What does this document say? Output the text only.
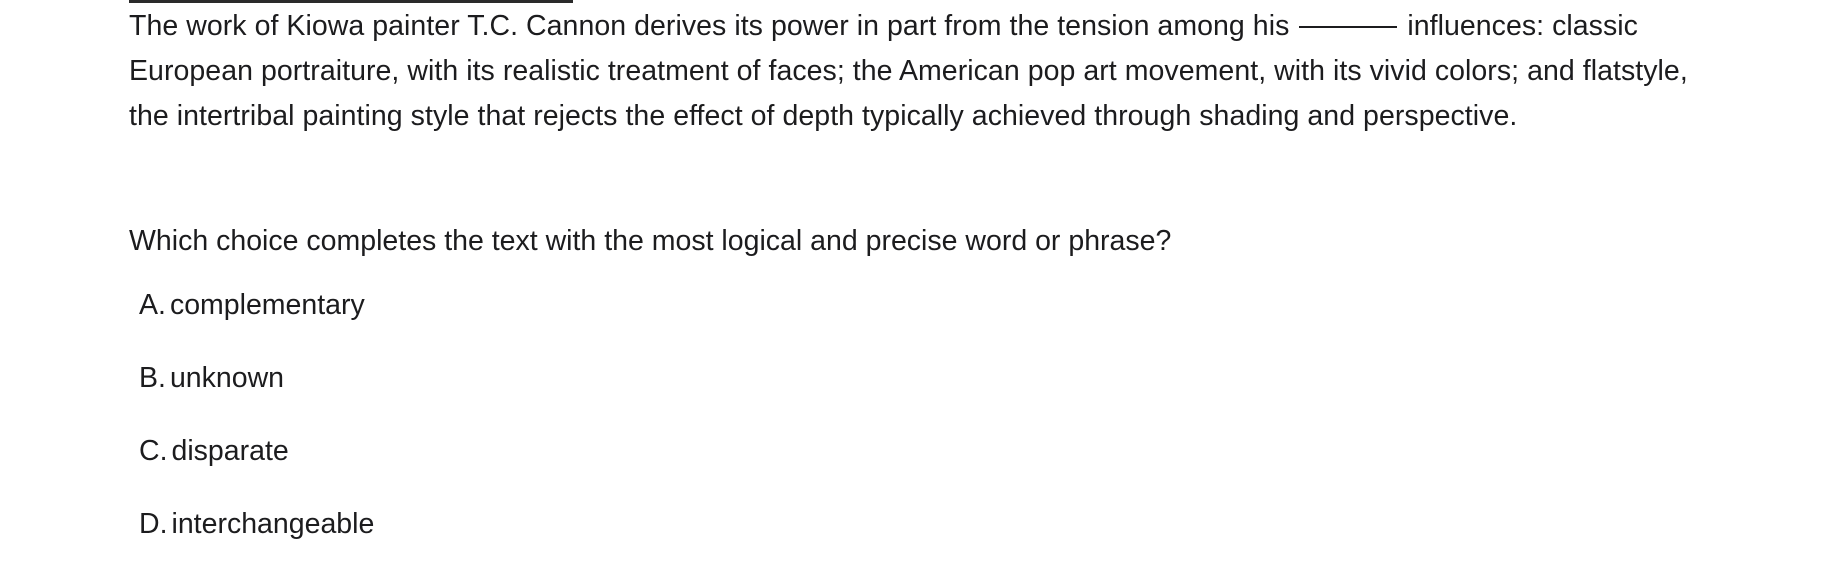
The work of Kiowa painter T.C. Cannon derives its power in part from the tension among his	influences: classic European portraiture, with its realistic treatment of faces; the American pop art movement, with its vivid colors; and flatstyle, the intertribal painting style that rejects the effect of depth typically achieved through shading and perspective.

Which choice completes the text with the most logical and precise word or phrase?

A. complementary
B. unknown
C. disparate
D. interchangeable
